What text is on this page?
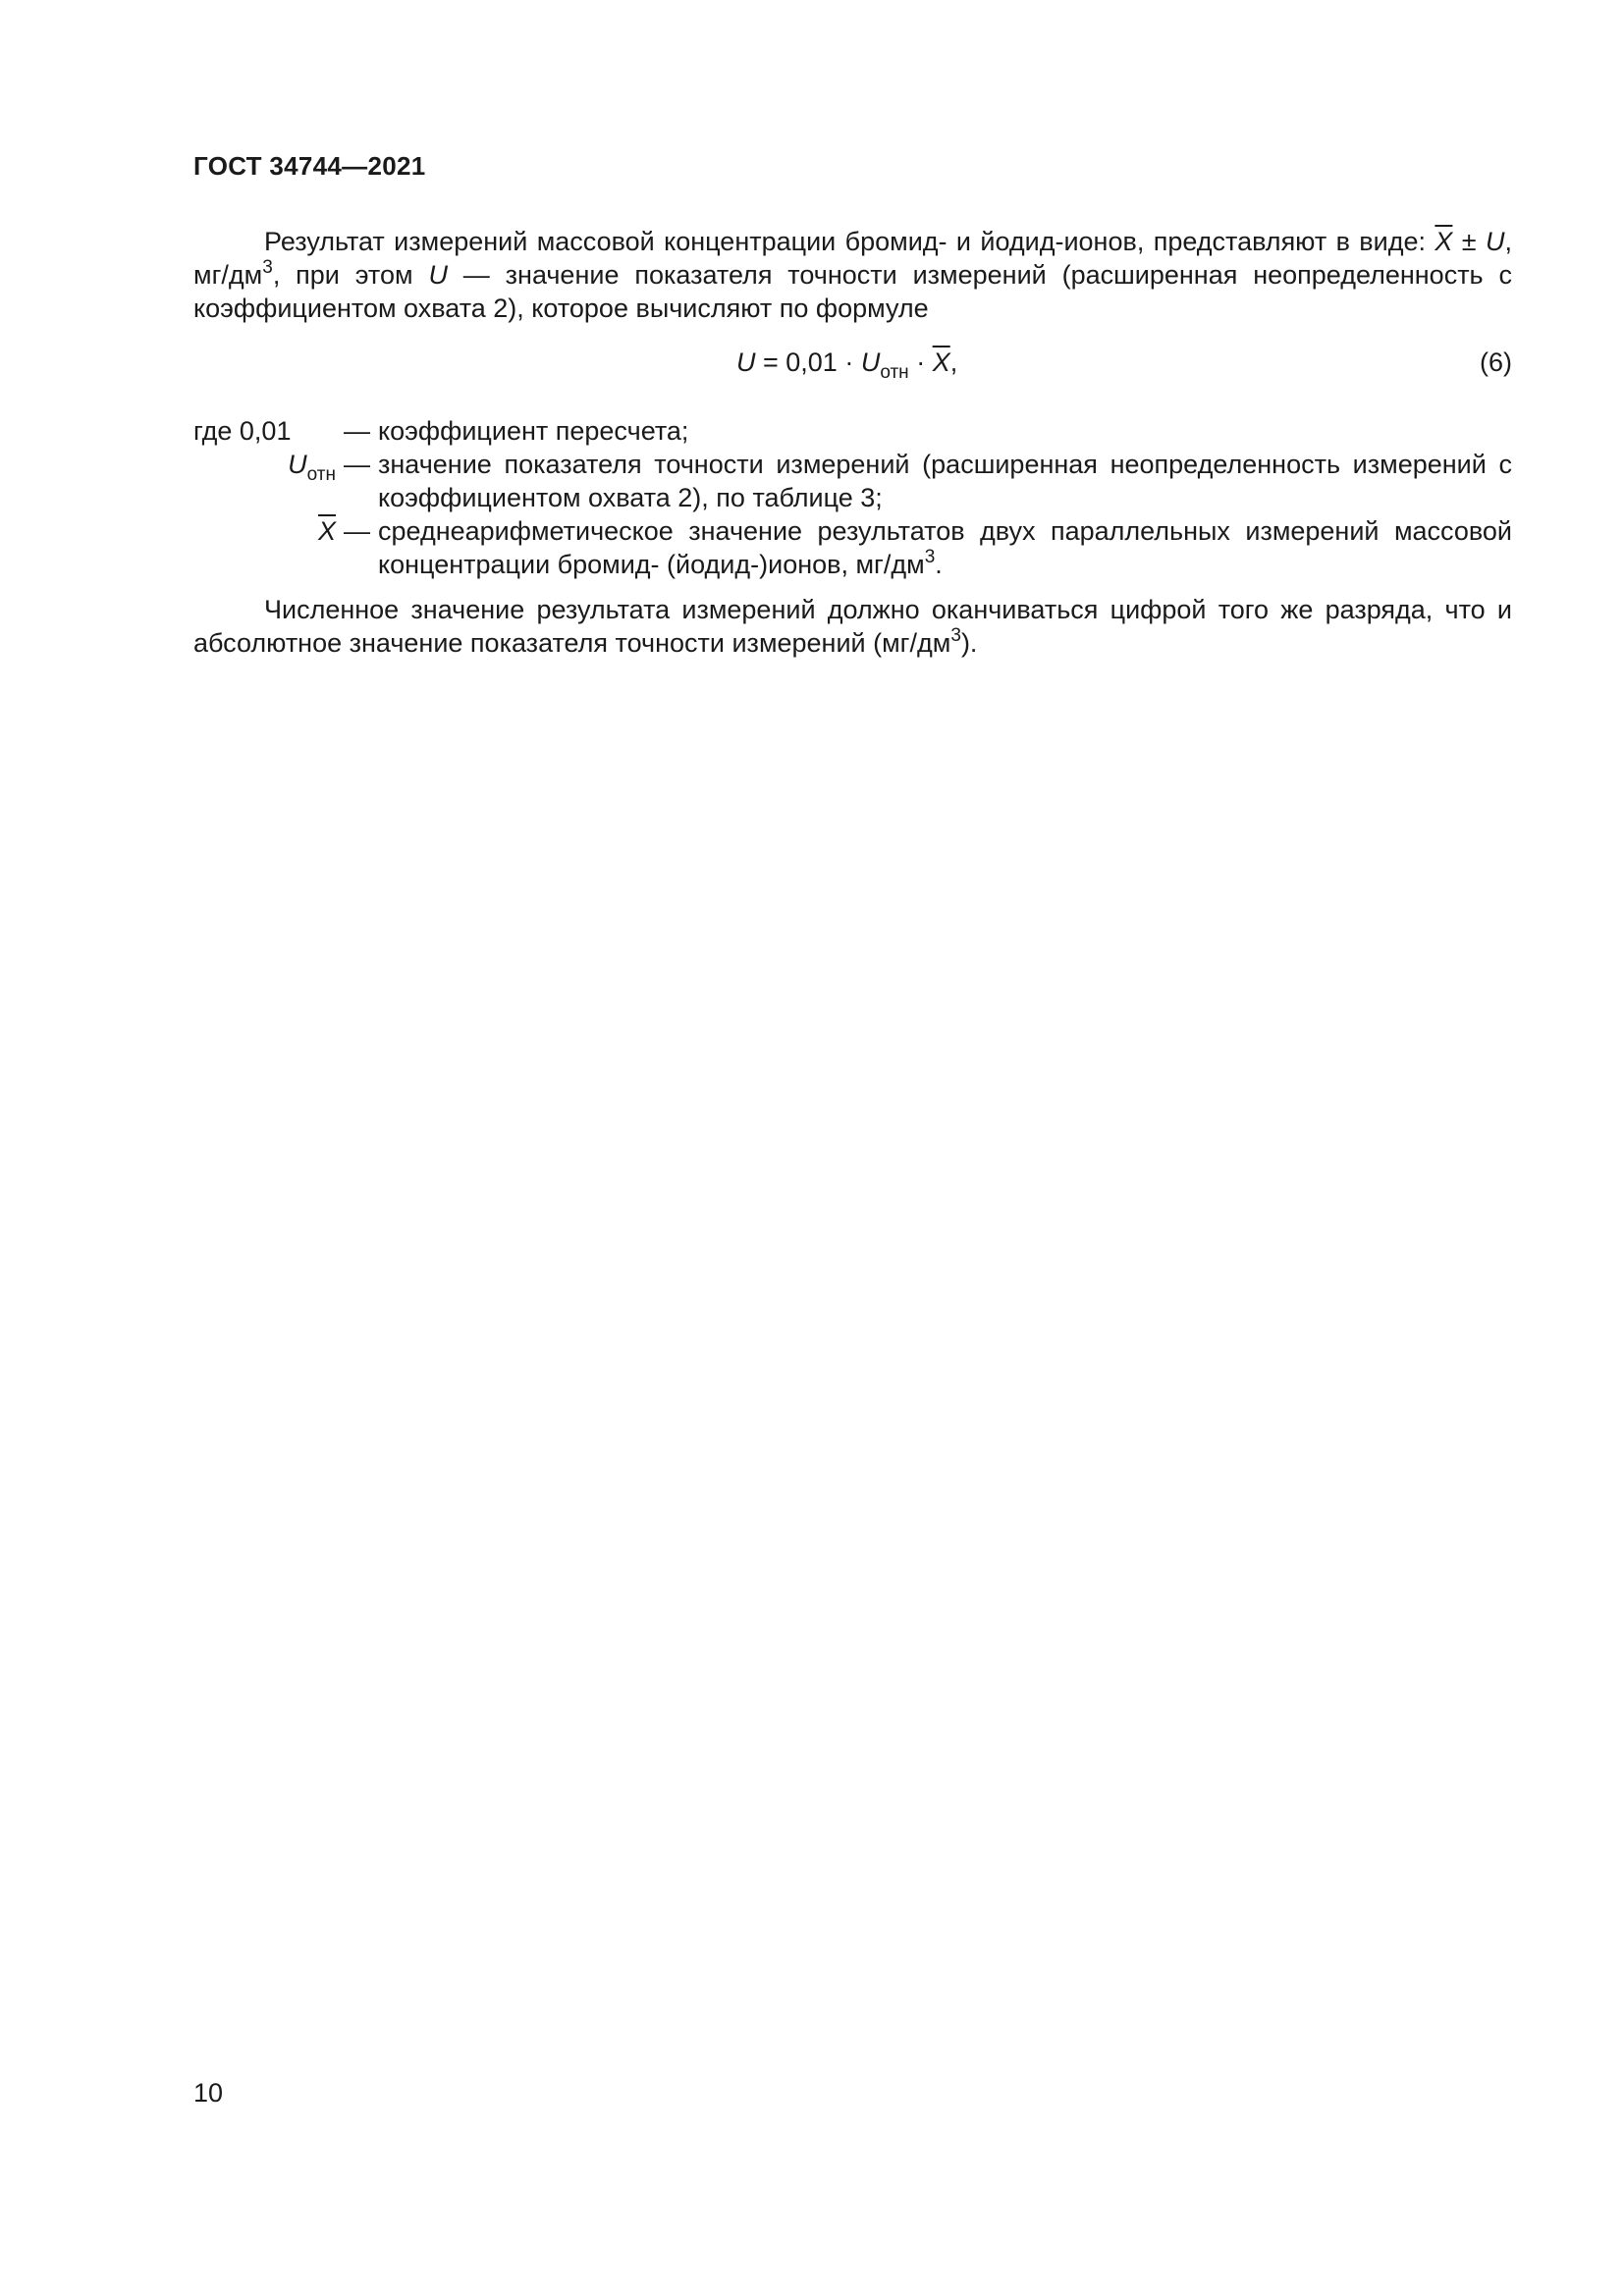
ГОСТ 34744—2021
Результат измерений массовой концентрации бромид- и йодид-ионов, представляют в виде: $\overline{X} \pm U$, $мг/дм^3$, при этом U — значение показателя точности измерений (расширенная неопределенность с коэффициентом охвата 2), которое вычисляют по формуле
$U = 0,01 \cdot U_{отн} \cdot \overline{X}$,	(6)
где 0,01	— коэффициент пересчета;
$U_{отн}$ — значение показателя точности измерений (расширенная неопределенность измерений с коэффициентом охвата 2), по таблице 3;
$\overline{X}$ — среднеарифметическое значение результатов двух параллельных измерений массовой концентрации бромид- (йодид-)ионов, $мг/дм^3$.
Численное значение результата измерений должно оканчиваться цифрой того же разряда, что и абсолютное значение показателя точности измерений $(мг/дм^3)$.
10
